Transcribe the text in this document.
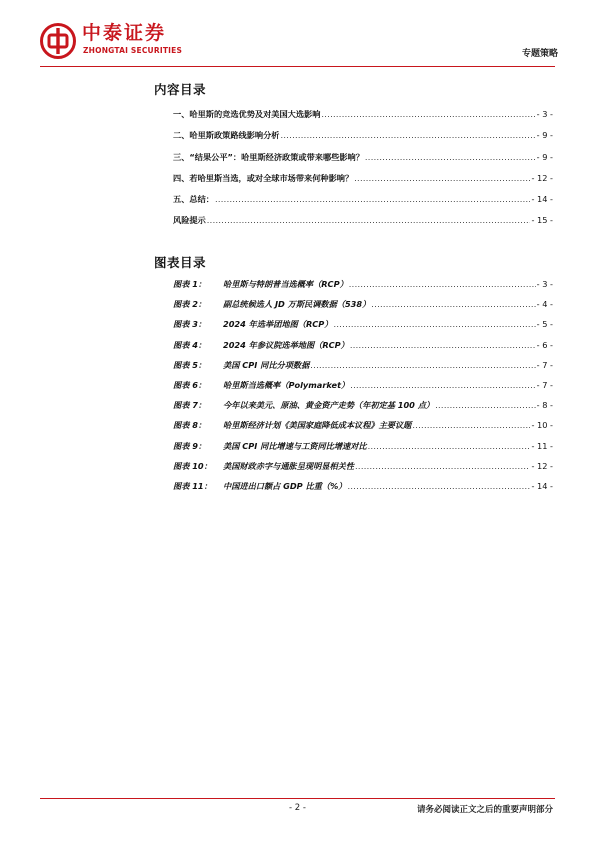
中泰证券
ZHONGTAI SECURITIES	专题策略
内容目录
一、哈里斯的竞选优势及对美国大选影响 .....	- 3 -
二、哈里斯政策路线影响分析 .....	- 9 -
三、“结果公平”：哈里斯经济政策或带来哪些影响？ .....	- 9 -
四、若哈里斯当选，或对全球市场带来何种影响？ .....	- 12 -
五、总结： .....	- 14 -
风险提示 .....	- 15 -
图表目录
图表 1：	哈里斯与特朗普当选概率（RCP） .....	- 3 -
图表 2：	副总统候选人 JD 万斯民调数据（538） .....	- 4 -
图表 3：	2024 年选举团地图（RCP） .....	- 5 -
图表 4：	2024 年参议院选举地图（RCP） .....	- 6 -
图表 5：	美国 CPI 同比分项数据 .....	- 7 -
图表 6：	哈里斯当选概率（Polymarket） .....	- 7 -
图表 7：	今年以来美元、原油、黄金资产走势（年初定基 100 点） .....	- 8 -
图表 8：	哈里斯经济计划《美国家庭降低成本议程》主要议题 .....	- 10 -
图表 9：	美国 CPI 同比增速与工资同比增速对比 .....	- 11 -
图表 10：	美国财政赤字与通胀呈现明显相关性 .....	- 12 -
图表 11：	中国进出口额占 GDP 比重（%） .....	- 14 -
- 2 -	请务必阅读正文之后的重要声明部分
